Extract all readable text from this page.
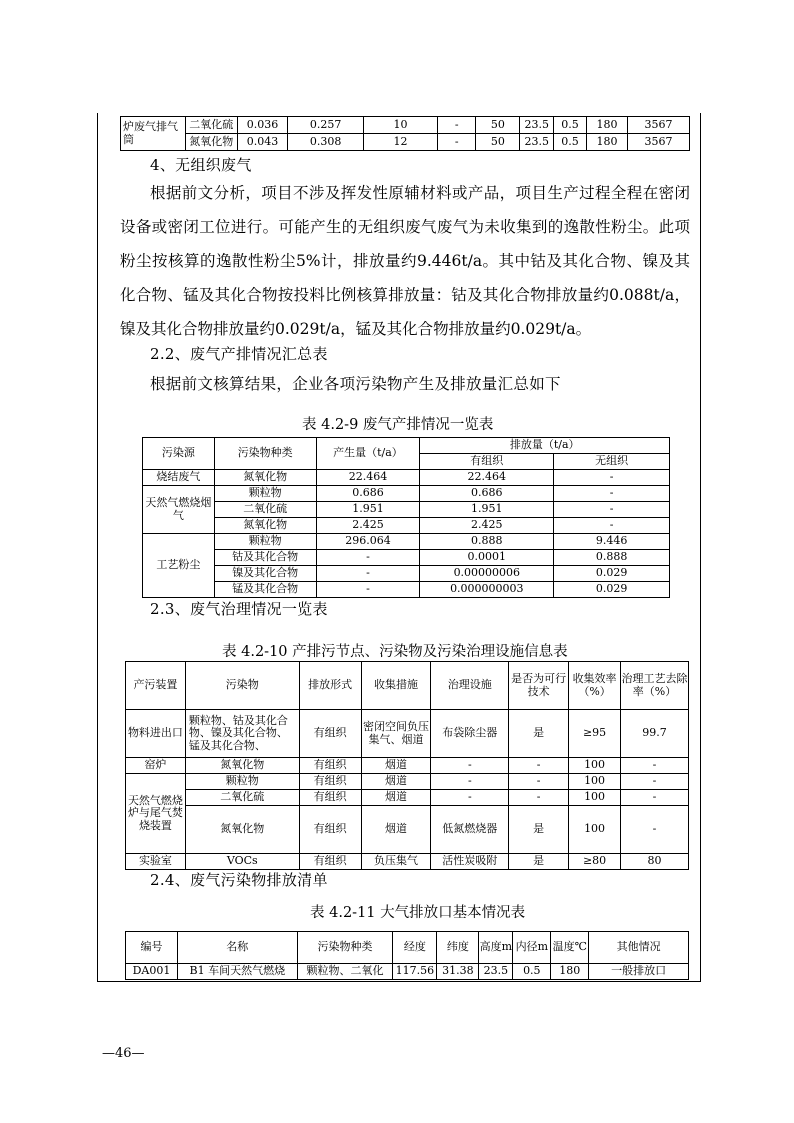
炉废气排气筒	二氧化硫	0.036	0.257	10	-	50	23.5	0.5	180	3567
	氮氧化物	0.043	0.308	12	-	50	23.5	0.5	180	3567
4、无组织废气
根据前文分析，项目不涉及挥发性原辅材料或产品，项目生产过程全程在密闭设备或密闭工位进行。可能产生的无组织废气废气为未收集到的逸散性粉尘。此项粉尘按核算的逸散性粉尘5%计，排放量约9.446t/a。其中钴及其化合物、镍及其化合物、锰及其化合物按投料比例核算排放量：钴及其化合物排放量约0.088t/a，镍及其化合物排放量约0.029t/a，锰及其化合物排放量约0.029t/a。
2.2、废气产排情况汇总表
根据前文核算结果，企业各项污染物产生及排放量汇总如下
表 4.2-9 废气产排情况一览表
污染源	污染物种类	产生量（t/a）	排放量（t/a）	
			有组织	无组织
烧结废气	氮氧化物	22.464	22.464	-
天然气燃烧烟气	颗粒物	0.686	0.686	-
	二氧化硫	1.951	1.951	-
	氮氧化物	2.425	2.425	-
工艺粉尘	颗粒物	296.064	0.888	9.446
	钴及其化合物	-	0.0001	0.888
	镍及其化合物	-	0.00000006	0.029
	锰及其化合物	-	0.000000003	0.029
2.3、废气治理情况一览表
表 4.2-10 产排污节点、污染物及污染治理设施信息表
产污装置	污染物	排放形式	收集措施	治理设施	是否为可行技术	收集效率（%）	治理工艺去除率（%）
物料进出口	颗粒物、钴及其化合物、镍及其化合物、锰及其化合物、	有组织	密闭空间负压集气、烟道	布袋除尘器	是	≥95	99.7
窑炉	氮氧化物	有组织	烟道	-	-	100	-
天然气燃烧炉与尾气焚烧装置	颗粒物	有组织	烟道	-	-	100	-
	二氧化硫	有组织	烟道	-	-	100	-
	氮氧化物	有组织	烟道	低氮燃烧器	是	100	-
实验室	VOCs	有组织	负压集气	活性炭吸附	是	≥80	80
2.4、废气污染物排放清单
表 4.2-11 大气排放口基本情况表
编号	名称	污染物种类	经度	纬度	高度m	内径m	温度℃	其他情况
DA001	B1 车间天然气燃烧	颗粒物、二氧化	117.56	31.38	23.5	0.5	180	一般排放口
—46—
